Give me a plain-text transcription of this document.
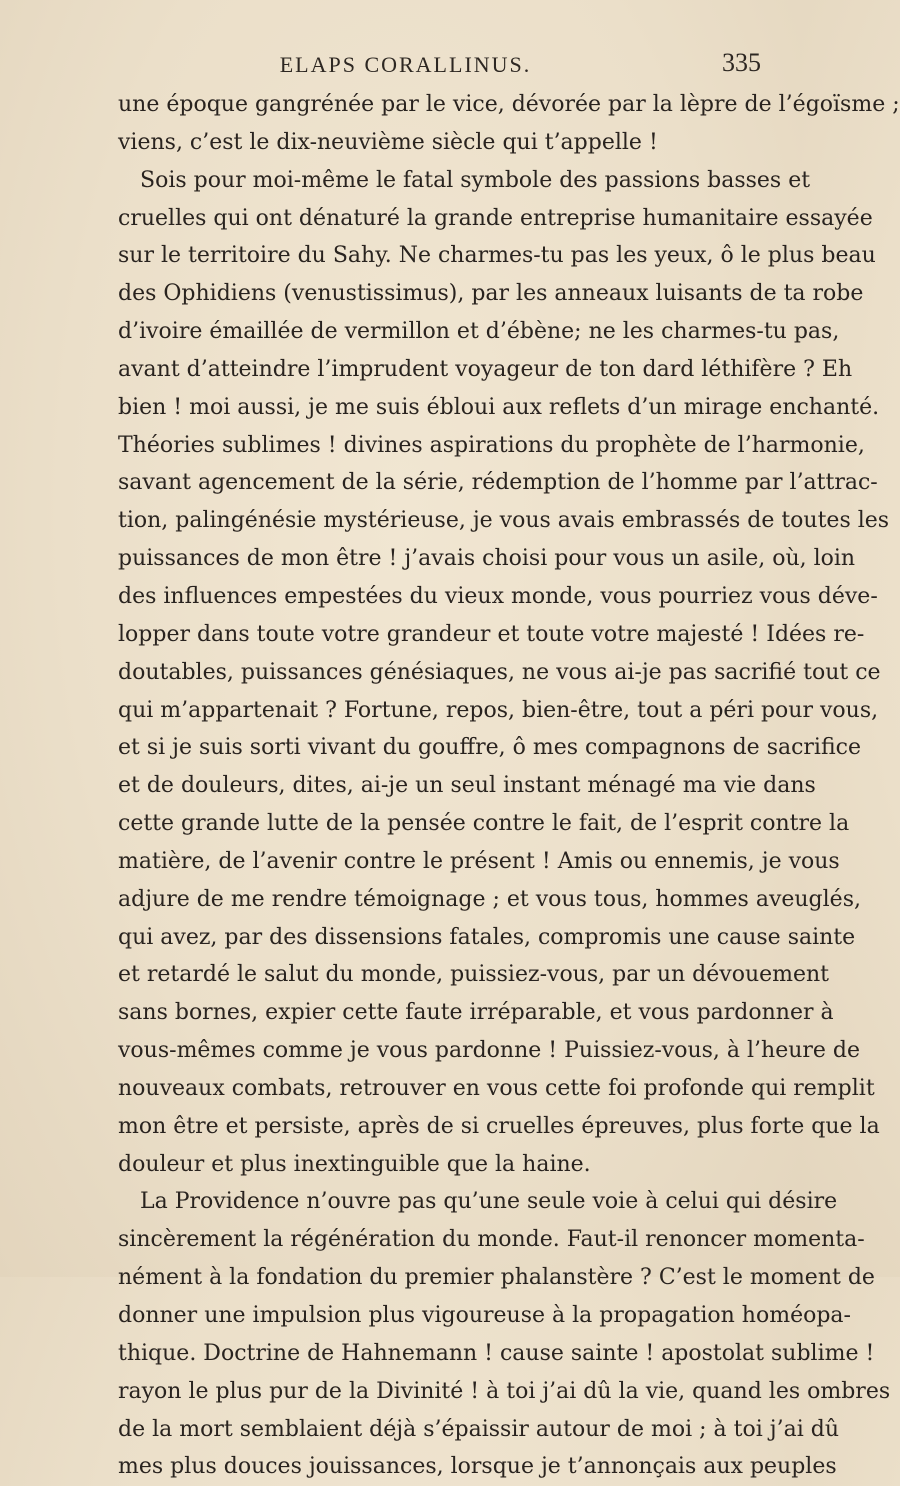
ELAPS CORALLINUS.	335
une époque gangrénée par le vice, dévorée par la lèpre de l’égoïsme ;
viens, c’est le dix-neuvième siècle qui t’appelle !
Sois pour moi-même le fatal symbole des passions basses et
cruelles qui ont dénaturé la grande entreprise humanitaire essayée
sur le territoire du Sahy. Ne charmes-tu pas les yeux, ô le plus beau
des Ophidiens (venustissimus), par les anneaux luisants de ta robe
d’ivoire émaillée de vermillon et d’ébène; ne les charmes-tu pas,
avant d’atteindre l’imprudent voyageur de ton dard léthifère ? Eh
bien ! moi aussi, je me suis ébloui aux reflets d’un mirage enchanté.
Théories sublimes ! divines aspirations du prophète de l’harmonie,
savant agencement de la série, rédemption de l’homme par l’attrac-
tion, palingénésie mystérieuse, je vous avais embrassés de toutes les
puissances de mon être ! j’avais choisi pour vous un asile, où, loin
des influences empestées du vieux monde, vous pourriez vous déve-
lopper dans toute votre grandeur et toute votre majesté ! Idées re-
doutables, puissances génésiaques, ne vous ai-je pas sacrifié tout ce
qui m’appartenait ? Fortune, repos, bien-être, tout a péri pour vous,
et si je suis sorti vivant du gouffre, ô mes compagnons de sacrifice
et de douleurs, dites, ai-je un seul instant ménagé ma vie dans
cette grande lutte de la pensée contre le fait, de l’esprit contre la
matière, de l’avenir contre le présent ! Amis ou ennemis, je vous
adjure de me rendre témoignage ; et vous tous, hommes aveuglés,
qui avez, par des dissensions fatales, compromis une cause sainte
et retardé le salut du monde, puissiez-vous, par un dévouement
sans bornes, expier cette faute irréparable, et vous pardonner à
vous-mêmes comme je vous pardonne ! Puissiez-vous, à l’heure de
nouveaux combats, retrouver en vous cette foi profonde qui remplit
mon être et persiste, après de si cruelles épreuves, plus forte que la
douleur et plus inextinguible que la haine.
La Providence n’ouvre pas qu’une seule voie à celui qui désire
sincèrement la régénération du monde. Faut-il renoncer momenta-
nément à la fondation du premier phalanstère ? C’est le moment de
donner une impulsion plus vigoureuse à la propagation homéopa-
thique. Doctrine de Hahnemann ! cause sainte ! apostolat sublime !
rayon le plus pur de la Divinité ! à toi j’ai dû la vie, quand les ombres
de la mort semblaient déjà s’épaissir autour de moi ; à toi j’ai dû
mes plus douces jouissances, lorsque je t’annonçais aux peuples
